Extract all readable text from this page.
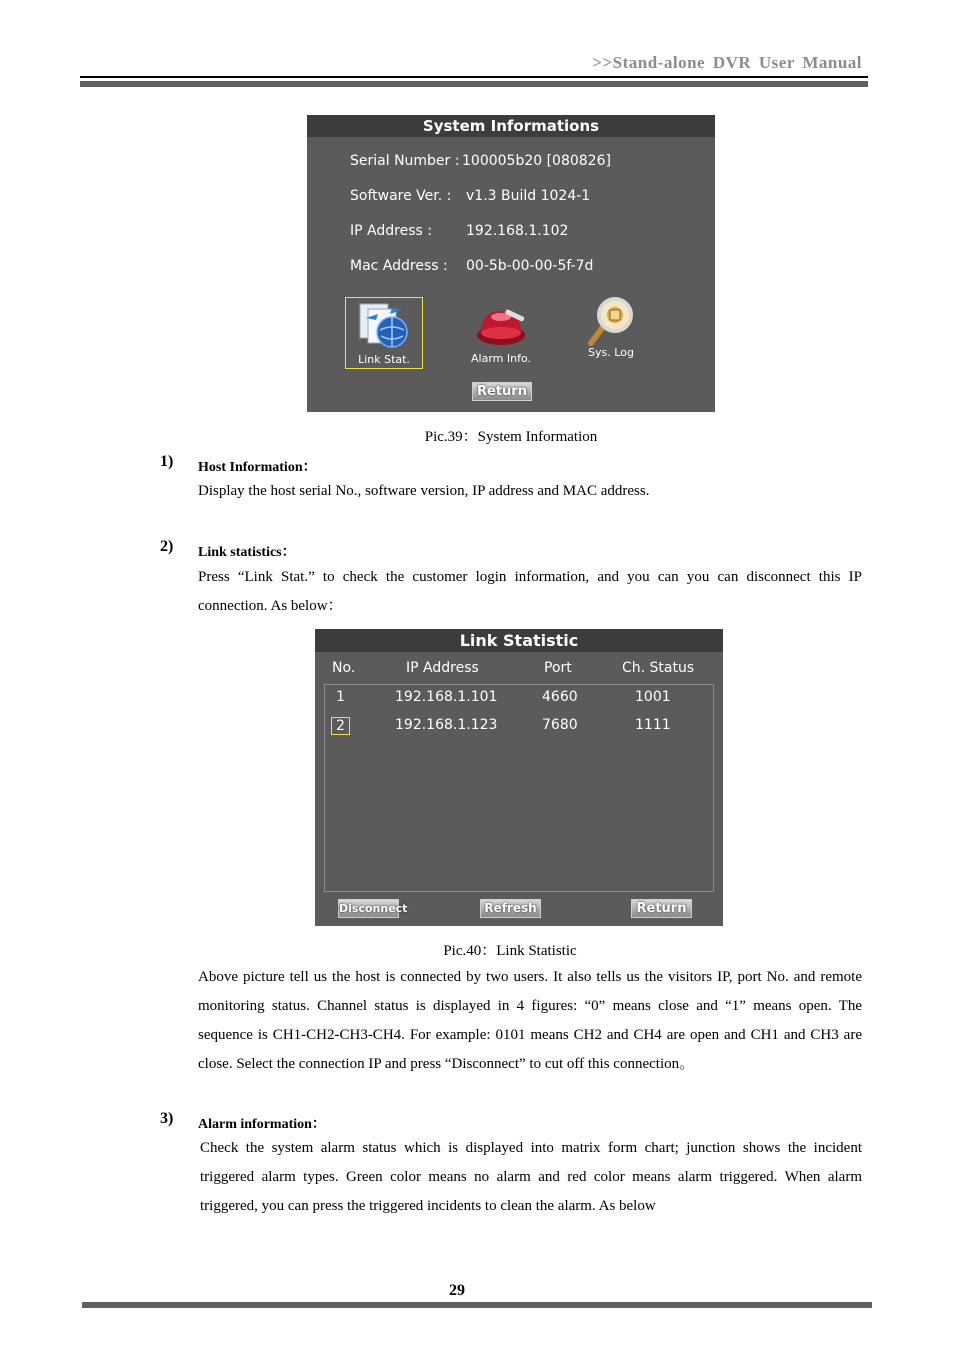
>>Stand-alone DVR User Manual
System Informations
Serial Number : 100005b20 [080826]
Software Ver. : v1.3 Build 1024-1
IP Address : 192.168.1.102
Mac Address : 00-5b-00-00-5f-7d
Link Stat.	Alarm Info.	Sys. Log
Return
Pic.39：System Information
1) Host Information：
Display the host serial No., software version, IP address and MAC address.
2) Link statistics：
Press “Link Stat.” to check the customer login information, and you can you can disconnect this IP connection. As below：
Link Statistic
No.	IP Address	Port	Ch. Status
1	192.168.1.101	4660	1001
2	192.168.1.123	7680	1111
Disconnect	Refresh	Return
Pic.40：Link Statistic
Above picture tell us the host is connected by two users. It also tells us the visitors IP, port No. and remote monitoring status. Channel status is displayed in 4 figures: “0” means close and “1” means open. The sequence is CH1-CH2-CH3-CH4. For example: 0101 means CH2 and CH4 are open and CH1 and CH3 are close. Select the connection IP and press “Disconnect” to cut off this connection。
3) Alarm information：
Check the system alarm status which is displayed into matrix form chart; junction shows the incident triggered alarm types. Green color means no alarm and red color means alarm triggered. When alarm triggered, you can press the triggered incidents to clean the alarm. As below
29
